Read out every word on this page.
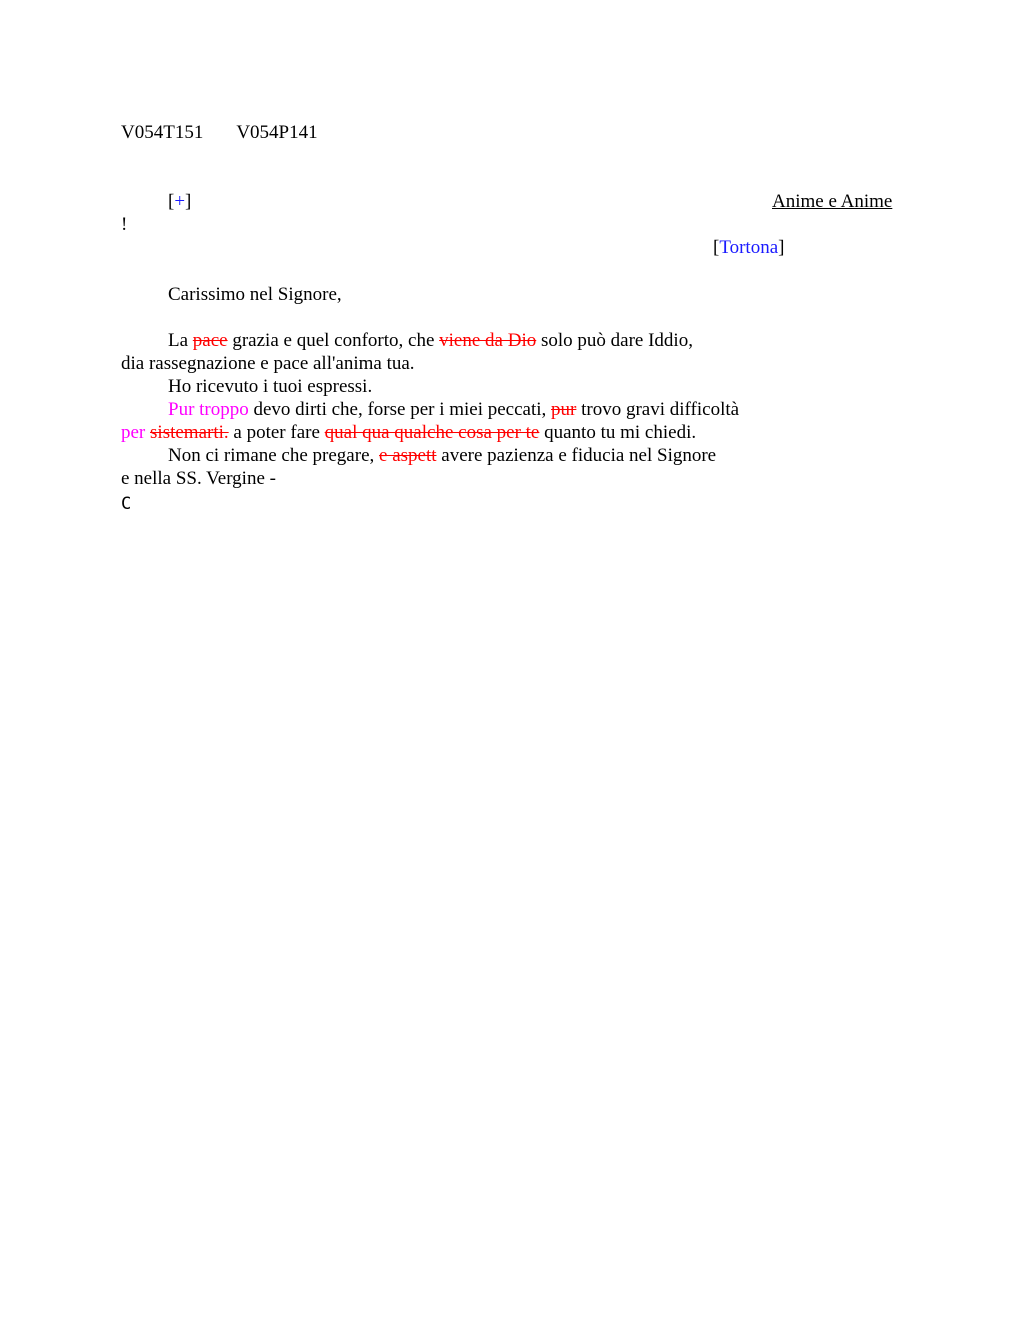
V054T151 V054P141
[+]	Anime e Anime
!
[Tortona]
Carissimo nel Signore,
La pace grazia e quel conforto, che viene da Dio solo può dare Iddio,
dia rassegnazione e pace all'anima tua.
Ho ricevuto i tuoi espressi.
Pur troppo devo dirti che, forse per i miei peccati, pur trovo gravi difficoltà
per sistemarti. a poter fare qual qua qualche cosa per te quanto tu mi chiedi.
Non ci rimane che pregare, e aspett avere pazienza e fiducia nel Signore
e nella SS. Vergine -
C
